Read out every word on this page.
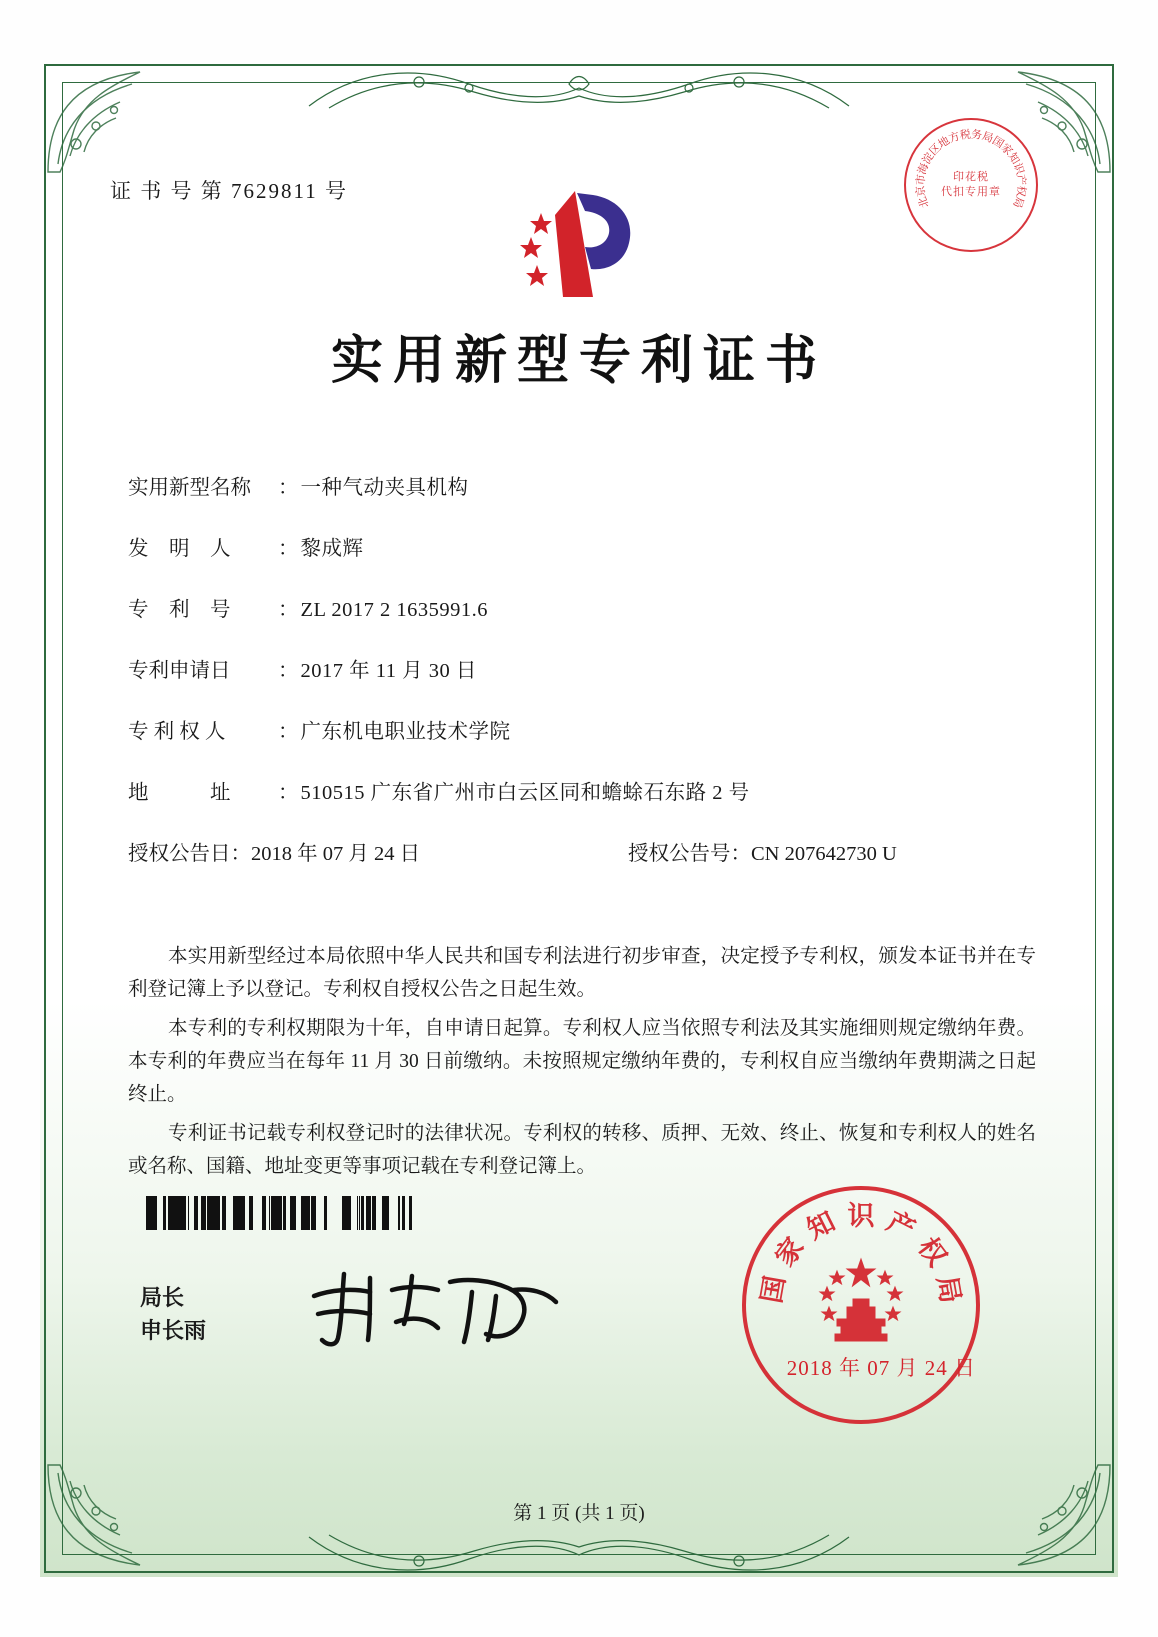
证 书 号 第 7629811 号	北
京
市
海
淀
区
地
方
税
务
局
国
家
知
识
产
权
局
印花税
代扣专用章
实用新型专利证书
实用新型名称	： 一种气动夹具机构
发　明　人	： 黎成辉
专　利　号	： ZL 2017 2 1635991.6
专利申请日	： 2017 年 11 月 30 日
专 利 权 人	： 广东机电职业技术学院
地　　　址	： 510515 广东省广州市白云区同和蟾蜍石东路 2 号
授权公告日：2018 年 07 月 24 日	授权公告号：CN 207642730 U

本实用新型经过本局依照中华人民共和国专利法进行初步审查，决定授予专利权，颁发本证书并在专利登记簿上予以登记。专利权自授权公告之日起生效。

本专利的专利权期限为十年，自申请日起算。专利权人应当依照专利法及其实施细则规定缴纳年费。本专利的年费应当在每年 11 月 30 日前缴纳。未按照规定缴纳年费的，专利权自应当缴纳年费期满之日起终止。

专利证书记载专利权登记时的法律状况。专利权的转移、质押、无效、终止、恢复和专利权人的姓名或名称、国籍、地址变更等事项记载在专利登记簿上。

局长
申长雨
国
家
知 识 产
权
局
2018 年 07 月 24 日
第 1 页 (共 1 页)
